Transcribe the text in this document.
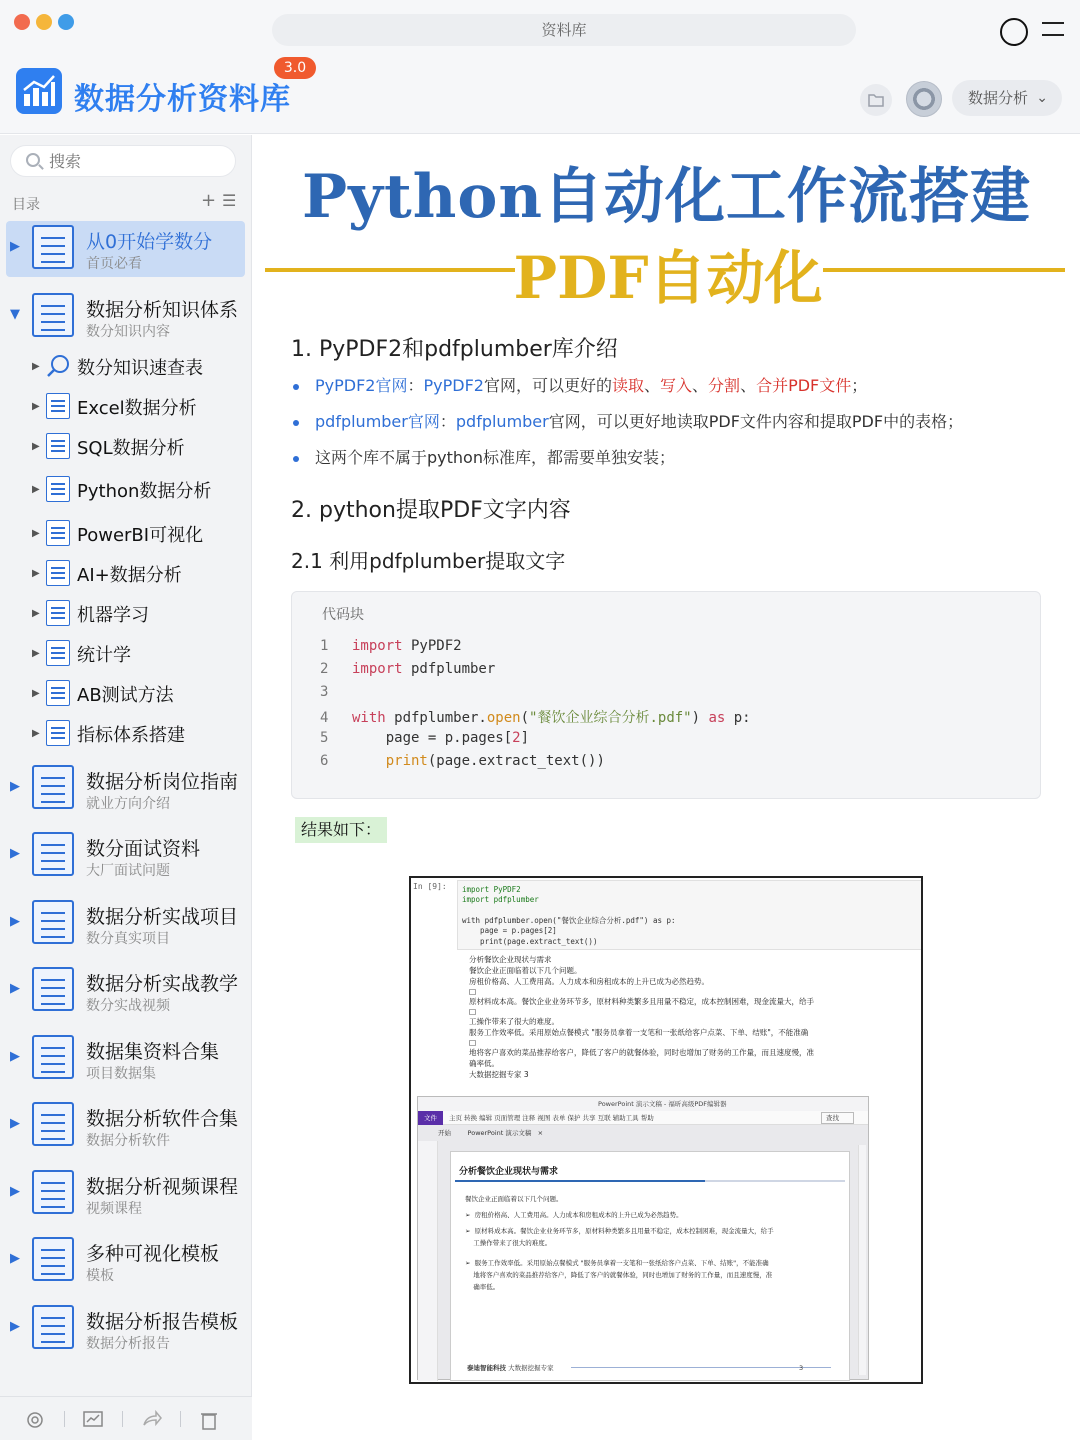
资料库
数据分析资料库
3.0
数据分析 ⌄
搜索
目录	+ ☰
▶	从0开始学数分
首页必看
▼	数据分析知识体系
数分知识内容
▶ 数分知识速查表
▶ Excel数据分析
▶ SQL数据分析
▶ Python数据分析
▶ PowerBI可视化
▶ AI+数据分析
▶ 机器学习
▶ 统计学
▶ AB测试方法
▶ 指标体系搭建
▶	数据分析岗位指南
就业方向介绍
▶	数分面试资料
大厂面试问题
▶	数据分析实战项目
数分真实项目
▶	数据分析实战教学
数分实战视频
▶	数据集资料合集
项目数据集
▶	数据分析软件合集
数据分析软件
▶	数据分析视频课程
视频课程
▶	多种可视化模板
模板
▶	数据分析报告模板
数据分析报告
Python自动化工作流搭建
PDF自动化
1. PyPDF2和pdfplumber库介绍
PyPDF2官网：PyPDF2官网，可以更好的读取、写入、分割、合并PDF文件；
pdfplumber官网：pdfplumber官网，可以更好地读取PDF文件内容和提取PDF中的表格；
这两个库不属于python标准库，都需要单独安装；
2. python提取PDF文字内容
2.1 利用pdfplumber提取文字
代码块
1 import PyPDF2
2 import pdfplumber
3
4 with pdfplumber.open("餐饮企业综合分析.pdf") as p:
5    page = p.pages[2]
6	print(page.extract_text())
结果如下：
In [9]: import PyPDF2
import pdfplumber
with pdfplumber.open("餐饮企业综合分析.pdf") as p:
page = p.pages[2]
print(page.extract_text())
分析餐饮企业现状与需求
餐饮企业正面临着以下几个问题。
房租价格高、人工费用高。人力成本和房租成本的上升已成为必然趋势。
□
原材料成本高。餐饮企业业务环节多，原材料种类繁多且用量不稳定，成本控制困难，现金流量大，给手
□
工操作带来了很大的难度。
服务工作效率低。采用原始点餐模式 "服务员拿着一支笔和一张纸给客户点菜、下单、结账"，不能准确
□
地将客户喜欢的菜品推荐给客户，降低了客户的就餐体验，同时也增加了财务的工作量，而且速度慢，准
确率低。
大数据挖掘专家 3
PowerPoint 演示文稿 - 福昕高级PDF编辑器
文件 主页 转换 编辑 页面管理 注释 视图 表单 保护 共享 互联 辅助工具 帮助	查找
开始        PowerPoint 演示文稿   ×
分析餐饮企业现状与需求
餐饮企业正面临着以下几个问题。
➢  房租价格高、人工费用高。人力成本和房租成本的上升已成为必然趋势。
➢  原材料成本高。餐饮企业业务环节多，原材料种类繁多且用量不稳定，成本控制困难，现金流量大，给手
工操作带来了很大的难度。
➢  服务工作效率低。采用原始点餐模式 "服务员拿着一支笔和一张纸给客户点菜、下单、结账"，不能准确
地将客户喜欢的菜品推荐给客户，降低了客户的就餐体验，同时也增加了财务的工作量，而且速度慢，准
确率低。
泰迪智能科技 大数据挖掘专家	3
